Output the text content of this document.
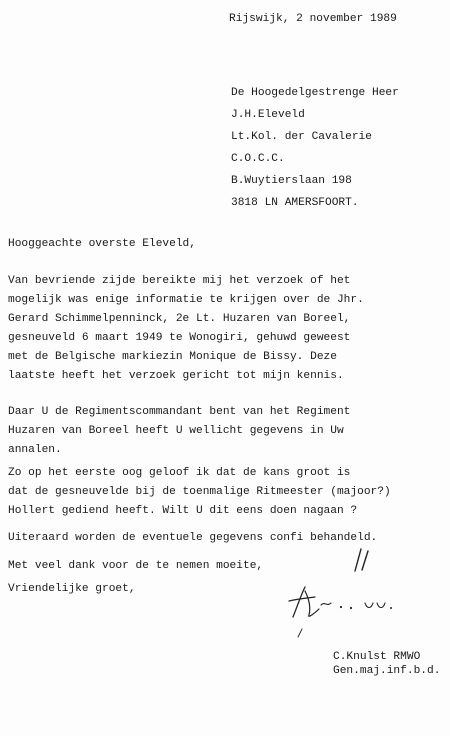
Rijswijk, 2 november 1989
De Hoogedelgestrenge Heer
J.H.Eleveld
Lt.Kol. der Cavalerie
C.O.C.C.
B.Wuytierslaan 198
3818 LN AMERSFOORT.
Hooggeachte overste Eleveld,
Van bevriende zijde bereikte mij het verzoek of het
mogelijk was enige informatie te krijgen over de Jhr.
Gerard Schimmelpenninck, 2e Lt. Huzaren van Boreel,
gesneuveld 6 maart 1949 te Wonogiri, gehuwd geweest
met de Belgische markiezin Monique de Bissy. Deze
laatste heeft het verzoek gericht tot mijn kennis.
Daar U de Regimentscommandant bent van het Regiment
Huzaren van Boreel heeft U wellicht gegevens in Uw
annalen.
Zo op het eerste oog geloof ik dat de kans groot is
dat de gesneuvelde bij de toenmalige Ritmeester (majoor?)
Hollert gediend heeft. Wilt U dit eens doen nagaan ?
Uiteraard worden de eventuele gegevens confi behandeld.
Met veel dank voor de te nemen moeite,
Vriendelijke groet,
C.Knulst RMWO
Gen.maj.inf.b.d.
